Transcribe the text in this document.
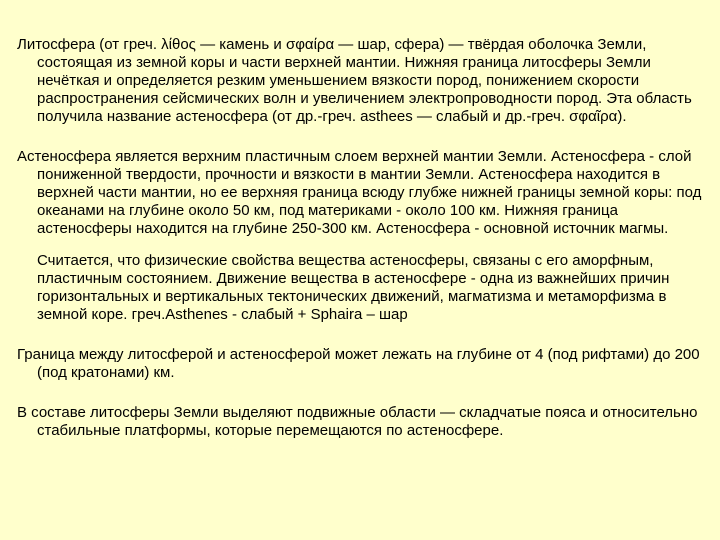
Литосфера (от греч. λίθος — камень и σφαίρα — шар, сфера) — твёрдая оболочка Земли, состоящая из земной коры и части верхней мантии. Нижняя граница литосферы Земли нечёткая и определяется резким уменьшением вязкости пород, понижением скорости распространения сейсмических волн и увеличением электропроводности пород. Эта область получила название астеносфера (от др.-греч. asthees — слабый и др.-греч. σφαῖρα).

Астеносфера является верхним пластичным слоем верхней мантии Земли. Астеносфера - слой пониженной твердости, прочности и вязкости в мантии Земли. Астеносфера находится в верхней части мантии, но ее верхняя граница всюду глубже нижней границы земной коры: под океанами на глубине около 50 км, под материками - около 100 км. Нижняя граница астеносферы находится на глубине 250-300 км. Астеносфера - основной источник магмы.

Считается, что физические свойства вещества астеносферы, связаны с его аморфным, пластичным состоянием. Движение вещества в астеносфере - одна из важнейших причин горизонтальных и вертикальных тектонических движений, магматизма и метаморфизма в земной коре. греч.Asthenes - слабый + Sphaira – шар

Граница между литосферой и астеносферой может лежать на глубине от 4 (под рифтами) до 200 (под кратонами) км.

В составе литосферы Земли выделяют подвижные области — складчатые пояса и относительно стабильные платформы, которые перемещаются по астеносфере.
